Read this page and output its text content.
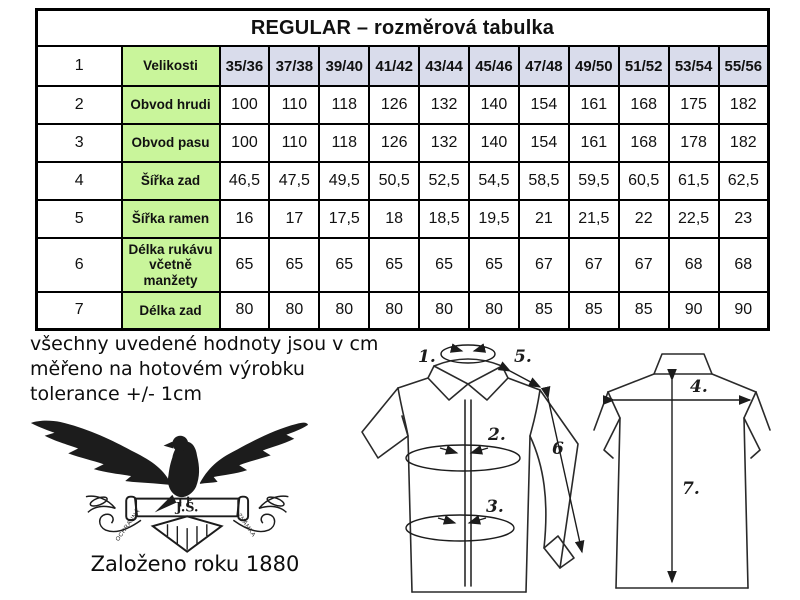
REGULAR – rozměrová tabulka												
1	Velikosti	35/36	37/38	39/40	41/42	43/44	45/46	47/48	49/50	51/52	53/54	55/56
2	Obvod hrudi	100	110	118	126	132	140	154	161	168	175	182
3	Obvod pasu	100	110	118	126	132	140	154	161	168	178	182
4	Šířka zad	46,5	47,5	49,5	50,5	52,5	54,5	58,5	59,5	60,5	61,5	62,5
5	Šířka ramen	16	17	17,5	18	18,5	19,5	21	21,5	22	22,5	23
6	Délka rukávu včetně manžety	65	65	65	65	65	65	67	67	67	68	68
7	Délka zad	80	80	80	80	80	80	85	85	85	90	90
všechny uvedené hodnoty jsou v cm
měřeno na hotovém výrobku
tolerance +/- 1cm
J.Š.
OCHRANNÁ	ZNÁMKA
Založeno roku 1880
1.
2.
3.
5.
6
4.
7.
